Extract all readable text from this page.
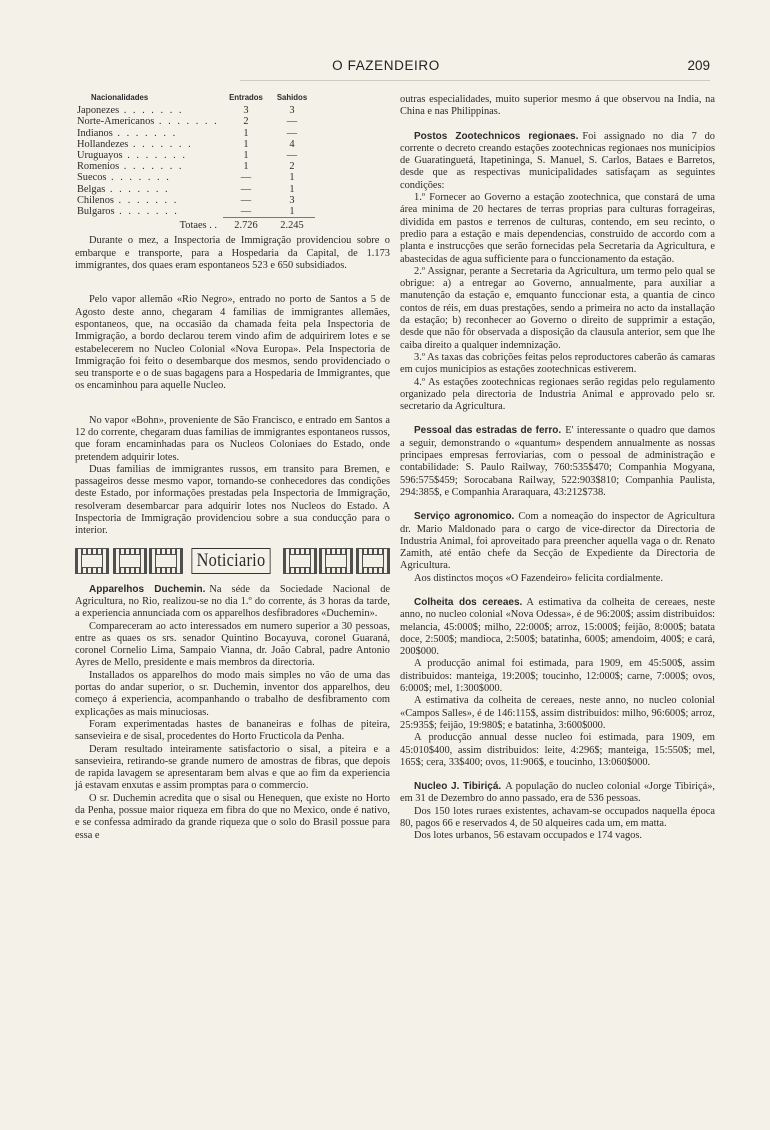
O FAZENDEIRO	209
Nacionalidades	Entrados	Sahidos
Japonezes . . . . . . .	3	3
Norte-Americanos . . . . . . .	2	—
Indianos . . . . . . .	1	—
Hollandezes . . . . . . .	1	4
Uruguayos . . . . . . .	1	—
Romenios . . . . . . .	1	2
Suecos . . . . . . .	—	1
Belgas . . . . . . .	—	1
Chilenos . . . . . . .	—	3
Bulgaros . . . . . . .	—	1
Totaes . .	2.726	2.245

Durante o mez, a Inspectoria de Immigração providenciou sobre o embarque e transporte, para a Hospedaria da Capital, de 1.173 immigrantes, dos quaes eram espontaneos 523 e 650 subsidiados.

Pelo vapor allemão «Rio Negro», entrado no porto de Santos a 5 de Agosto deste anno, chegaram 4 familias de immigrantes allemães, espontaneos, que, na occasião da chamada feita pela Inspectoria de Immigração, a bordo declarou terem vindo afim de adquirirem lotes e se estabelecerem no Nucleo Colonial «Nova Europa». Pela Inspectoria de Immigração foi feito o desembarque dos mesmos, sendo providenciado o seu transporte e o de suas bagagens para a Hospedaria de Immigrantes, que os encaminhou para aquelle Nucleo.

No vapor «Bohn», proveniente de São Francisco, e entrado em Santos a 12 do corrente, chegaram duas familias de immigrantes espontaneos russos, que foram encaminhadas para os Nucleos Coloniaes do Estado, onde pretendem adquirir lotes.

Duas familias de immigrantes russos, em transito para Bremen, e passageiros desse mesmo vapor, tornando-se conhecedores das condições deste Estado, por informações prestadas pela Inspectoria de Immigração, resolveram desembarcar para adquirir lotes nos Nucleos do Estado. A Inspectoria de Immigração providenciou sobre a sua conducção para o interior.

Noticiario

Apparelhos Duchemin. Na séde da Sociedade Nacional de Agricultura, no Rio, realizou-se no dia 1.º do corrente, ás 3 horas da tarde, a experiencia annunciada com os apparelhos desfibradores «Duchemin».

Compareceram ao acto interessados em numero superior a 30 pessoas, entre as quaes os srs. senador Quintino Bocayuva, coronel Guaraná, coronel Cornelio Lima, Sampaio Vianna, dr. João Cabral, padre Antonio Ayres de Mello, presidente e mais membros da directoria.

Installados os apparelhos do modo mais simples no vão de uma das portas do andar superior, o sr. Duchemin, inventor dos apparelhos, deu começo á experiencia, acompanhando o trabalho de desfibramento com explicações as mais minuciosas.

Foram experimentadas hastes de bananeiras e folhas de piteira, sansevieira e de sisal, procedentes do Horto Fructicola da Penha.

Deram resultado inteiramente satisfactorio o sisal, a piteira e a sansevieira, retirando-se grande numero de amostras de fibras, que depois de rapida lavagem se apresentaram bem alvas e que ao fim da experiencia já estavam enxutas e assim promptas para o commercio.

O sr. Duchemin acredita que o sisal ou Henequen, que existe no Horto da Penha, possue maior riqueza em fibra do que no Mexico, onde é nativo, e se confessa admirado da grande riqueza que o solo do Brasil possue para essa e

outras especialidades, muito superior mesmo á que observou na India, na China e nas Philippinas.

Postos Zootechnicos regionaes. Foi assignado no dia 7 do corrente o decreto creando estações zootechnicas regionaes nos municipios de Guaratinguetá, Itapetininga, S. Manuel, S. Carlos, Bataes e Barretos, desde que as respectivas municipalidades satisfaçam as seguintes condições:

1.º Fornecer ao Governo a estação zootechnica, que constará de uma área minima de 20 hectares de terras proprias para culturas forrageiras, dividida em pastos e terrenos de culturas, contendo, em seu recinto, o predio para a estação e mais dependencias, construido de accordo com a planta e instrucções que serão fornecidas pela Secretaria da Agricultura, e abastecidas de agua sufficiente para o funccionamento da estação.

2.º Assignar, perante a Secretaria da Agricultura, um termo pelo qual se obrigue: a) a entregar ao Governo, annualmente, para auxiliar a manutenção da estação e, emquanto funccionar esta, a quantia de cinco contos de réis, em duas prestações, sendo a primeira no acto da installação da estação; b) reconhecer ao Governo o direito de supprimir a estação, desde que não fôr observada a disposição da clausula anterior, sem que lhe caiba direito a qualquer indemnização.

3.º As taxas das cobrições feitas pelos reproductores caberão ás camaras em cujos municipios as estações zootechnicas estiverem.

4.º As estações zootechnicas regionaes serão regidas pelo regulamento organizado pela directoria de Industria Animal e approvado pelo sr. secretario da Agricultura.

Pessoal das estradas de ferro. E' interessante o quadro que damos a seguir, demonstrando o «quantum» despendem annualmente as nossas principaes empresas ferroviarias, com o pessoal de administração e contabilidade: S. Paulo Railway, 760:535$470; Companhia Mogyana, 596:575$459; Sorocabana Railway, 522:903$810; Companhia Paulista, 294:385$, e Companhia Araraquara, 43:212$738.

Serviço agronomico. Com a nomeação do inspector de Agricultura dr. Mario Maldonado para o cargo de vice-director da Directoria de Industria Animal, foi aproveitado para preencher aquella vaga o dr. Renato Zamith, até então chefe da Secção de Expediente da Directoria de Agricultura.

Aos distinctos moços «O Fazendeiro» felicita cordialmente.

Colheita dos cereaes. A estimativa da colheita de cereaes, neste anno, no nucleo colonial «Nova Odessa», é de 96:200$; assim distribuidos: melancia, 45:000$; milho, 22:000$; arroz, 15:000$; feijão, 8:000$; batata doce, 2:500$; mandioca, 2:500$; batatinha, 600$; amendoim, 400$; e cará, 200$000.

A producção animal foi estimada, para 1909, em 45:500$, assim distribuidos: manteiga, 19:200$; toucinho, 12:000$; carne, 7:000$; ovos, 6:000$; mel, 1:300$000.

A estimativa da colheita de cereaes, neste anno, no nucleo colonial «Campos Salles», é de 146:115$, assim distribuidos: milho, 96:600$; arroz, 25:935$; feijão, 19:980$; e batatinha, 3:600$000.

A producção annual desse nucleo foi estimada, para 1909, em 45:010$400, assim distribuidos: leite, 4:296$; manteiga, 15:550$; mel, 165$; cera, 33$400; ovos, 11:906$, e toucinho, 13:060$000.

Nucleo J. Tibiriçá. A população do nucleo colonial «Jorge Tibiriçá», em 31 de Dezembro do anno passado, era de 536 pessoas.

Dos 150 lotes ruraes existentes, achavam-se occupados naquella época 80, pagos 66 e reservados 4, de 50 alqueires cada um, em matta.

Dos lotes urbanos, 56 estavam occupados e 174 vagos.
